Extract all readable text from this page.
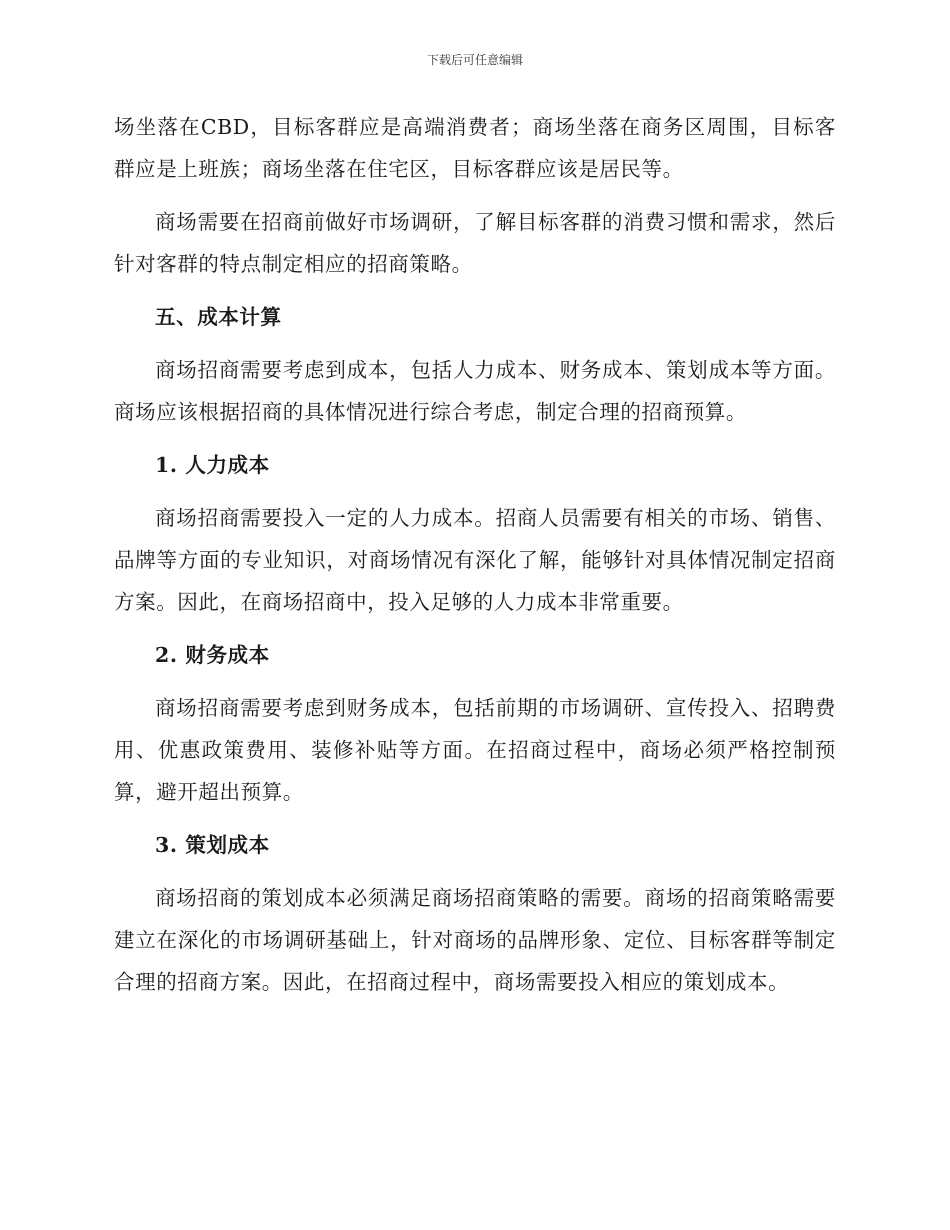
下载后可任意编辑

场坐落在CBD，目标客群应是高端消费者；商场坐落在商务区周围，目标客群应是上班族；商场坐落在住宅区，目标客群应该是居民等。

商场需要在招商前做好市场调研，了解目标客群的消费习惯和需求，然后针对客群的特点制定相应的招商策略。

五、成本计算

商场招商需要考虑到成本，包括人力成本、财务成本、策划成本等方面。商场应该根据招商的具体情况进行综合考虑，制定合理的招商预算。

1. 人力成本

商场招商需要投入一定的人力成本。招商人员需要有相关的市场、销售、品牌等方面的专业知识，对商场情况有深化了解，能够针对具体情况制定招商方案。因此，在商场招商中，投入足够的人力成本非常重要。

2. 财务成本

商场招商需要考虑到财务成本，包括前期的市场调研、宣传投入、招聘费用、优惠政策费用、装修补贴等方面。在招商过程中，商场必须严格控制预算，避开超出预算。

3. 策划成本

商场招商的策划成本必须满足商场招商策略的需要。商场的招商策略需要建立在深化的市场调研基础上，针对商场的品牌形象、定位、目标客群等制定合理的招商方案。因此，在招商过程中，商场需要投入相应的策划成本。
